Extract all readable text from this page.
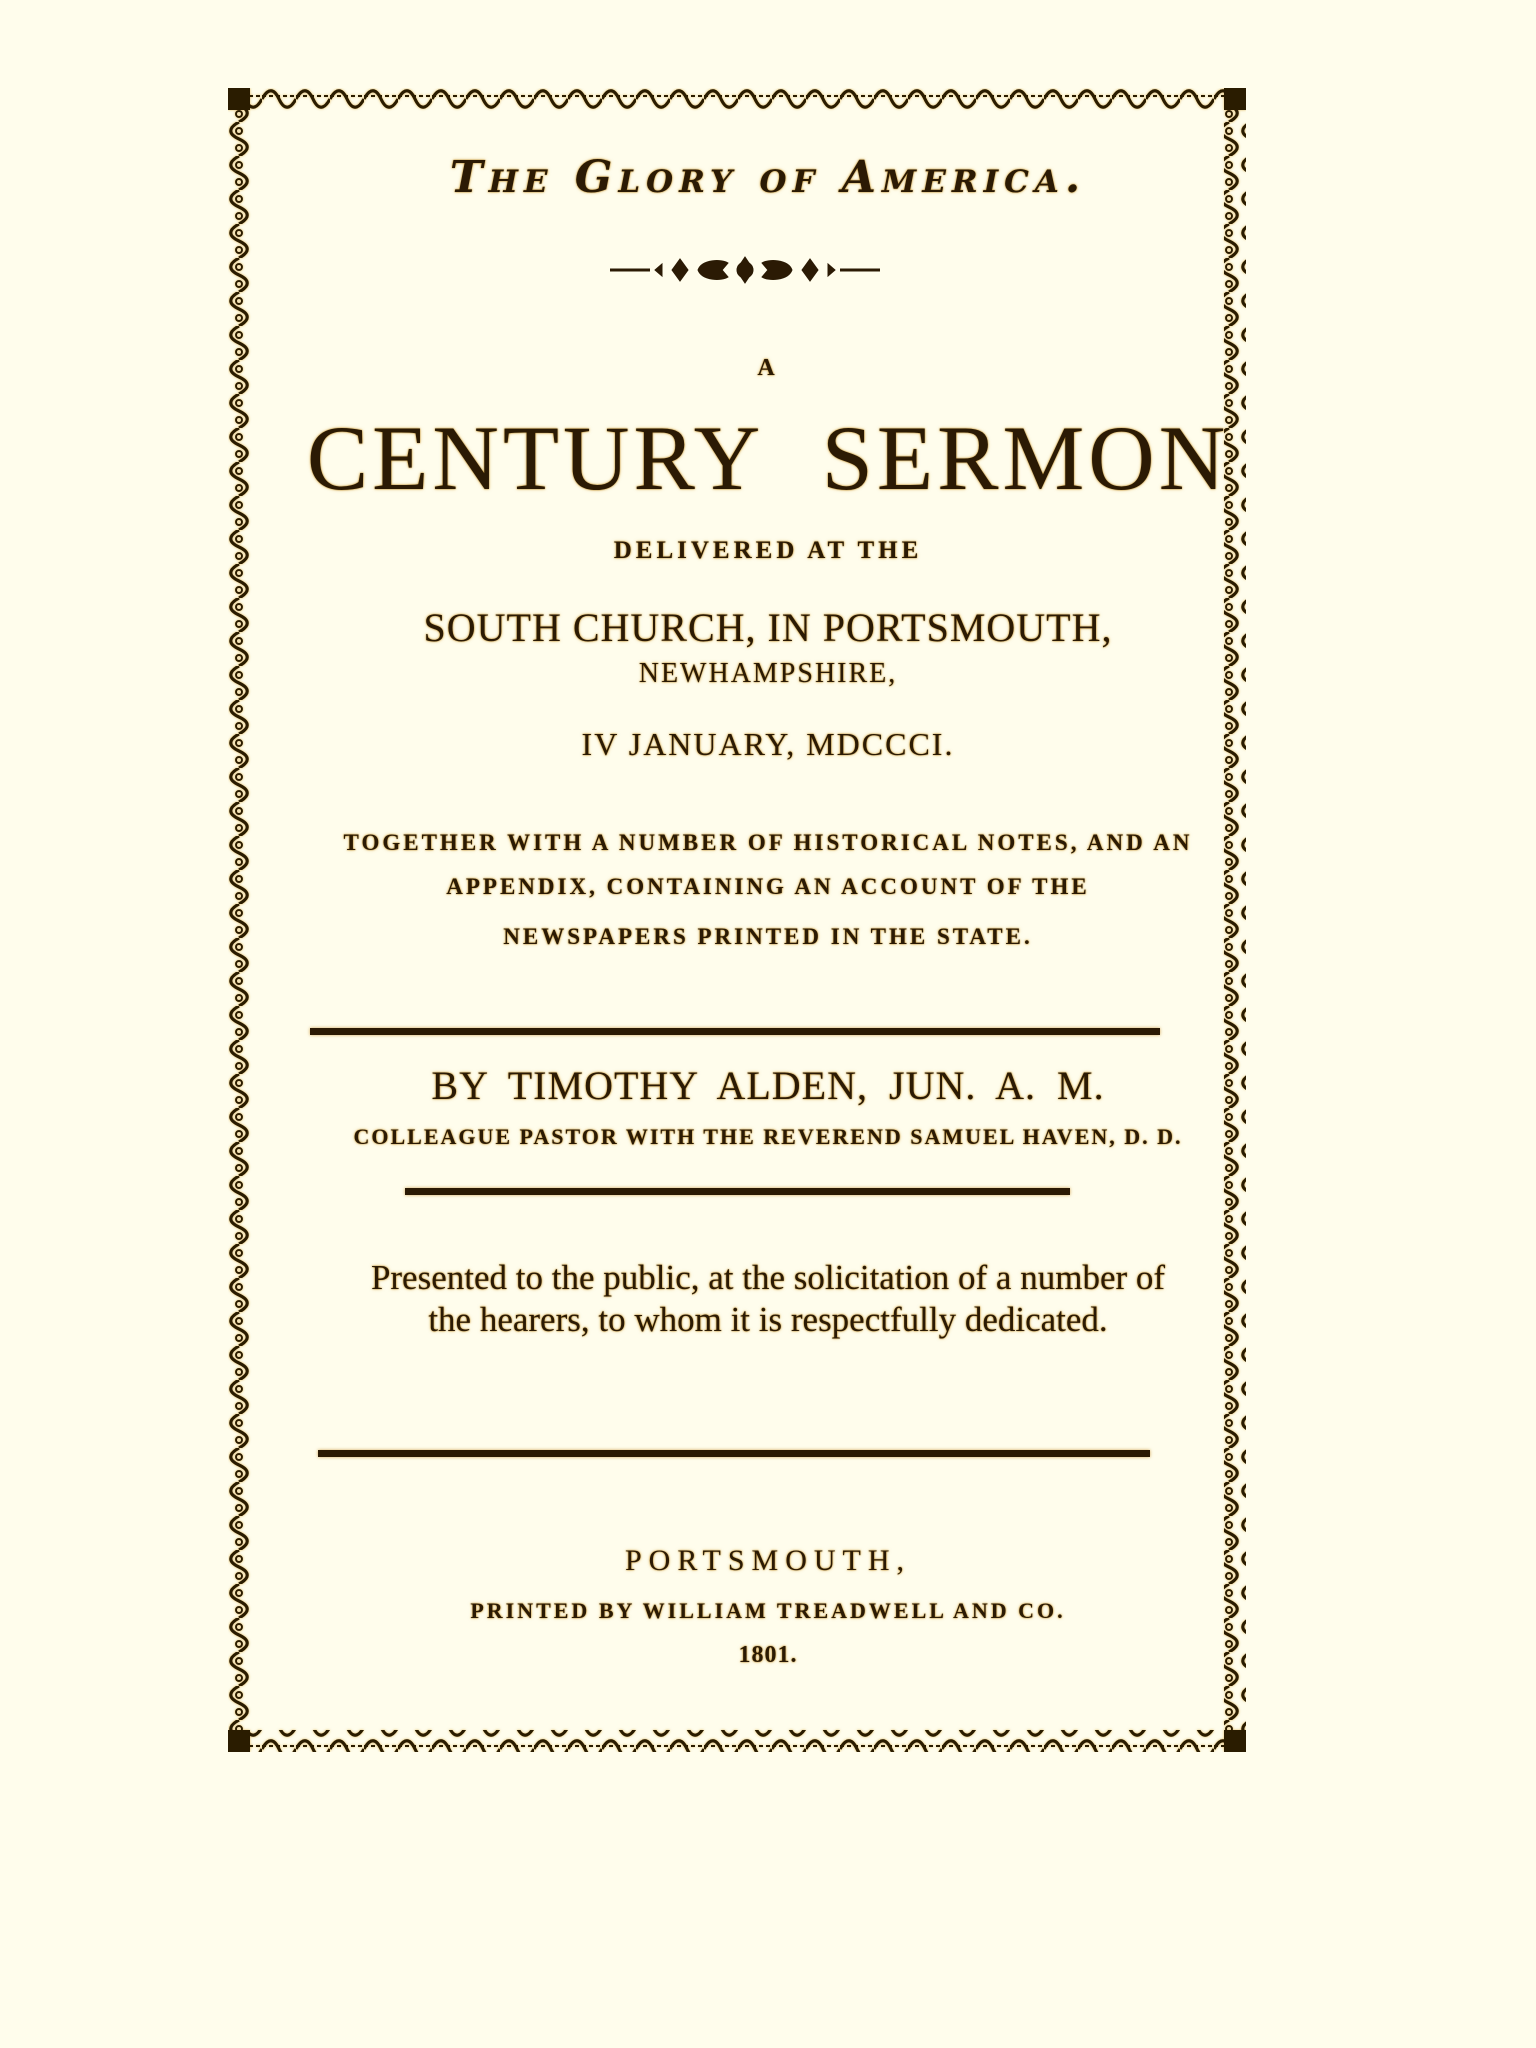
The Glory of America.
A
CENTURY SERMON
DELIVERED AT THE
SOUTH CHURCH, IN PORTSMOUTH,
NEWHAMPSHIRE,
IV JANUARY, MDCCCI.
TOGETHER WITH A NUMBER OF HISTORICAL NOTES, AND AN
APPENDIX, CONTAINING AN ACCOUNT OF THE
NEWSPAPERS PRINTED IN THE STATE.
BY TIMOTHY ALDEN, JUN. A. M.
COLLEAGUE PASTOR WITH THE REVEREND SAMUEL HAVEN, D. D.
Presented to the public, at the solicitation of a number of
the hearers, to whom it is respectfully dedicated.
PORTSMOUTH,
PRINTED BY WILLIAM TREADWELL AND CO.
1801.
